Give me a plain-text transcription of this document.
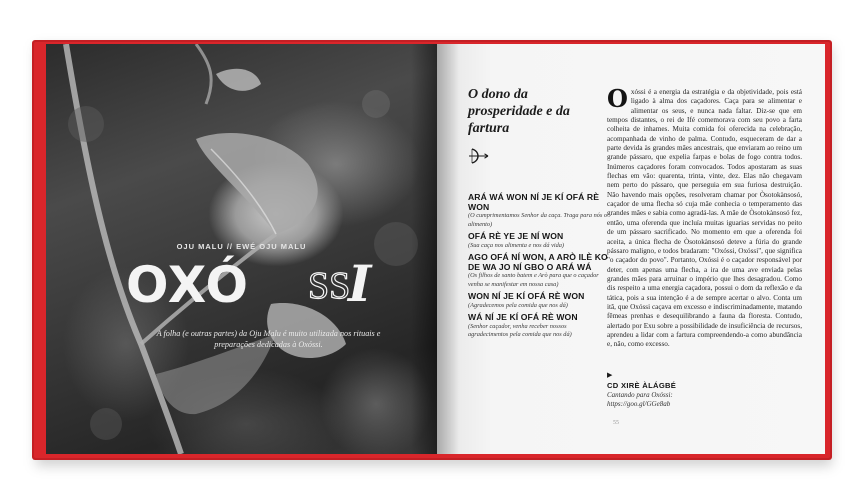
OJU MALU // EWÉ OJU MALU
OXÓ SS
I
A folha (e outras partes) da Oju Malu é muito utilizada nos rituais e preparações dedicadas à Oxóssi.
O dono da prosperidade e da fartura
ARÁ WÁ WON NÍ JE KÍ OFÁ RÈ WON
(O cumprimentamos Senhor da caça. Traga para nós o alimento)
OFÁ RÈ YE JE NÍ WON
(Sua caça nos alimenta e nos dá vida)
AGO OFÁ NÍ WON, A ARÒ ILÈ KO DE WA JO NÍ GBO O ARÁ WÁ
(Os filhos de santo batem e Arò para que o caçador venha se manifestar em nossa casa)
WON NÍ JE KÍ OFÁ RÈ WON
(Agradecemos pela comida que nos dá)
WÁ NÍ JE KÍ OFÁ RÈ WON
(Senhor caçador, venha receber nossos agradecimentos pela comida que nos dá)
O xóssi é a energia da estratégia e da objetividade, pois está ligado à alma dos caçadores. Caça para se alimentar e alimentar os seus, e nunca nada faltar. Diz-se que em tempos distantes, o rei de Ifé comemorava com seu povo a farta colheita de inhames. Muita comida foi oferecida na celebração, acompanhada de vinho de palma. Contudo, esqueceram de dar a parte devida às grandes mães ancestrais, que enviaram ao reino um grande pássaro, que expelia farpas e bolas de fogo contra todos. Inúmeros caçadores foram convocados. Todos apostaram as suas flechas em vão: quarenta, trinta, vinte, dez. Elas não chegavam nem perto do pássaro, que perseguia em sua furiosa destruição. Não havendo mais opções, resolveram chamar por Òsotokànsosó, caçador de uma flecha só cuja mãe conhecia o temperamento das grandes mães e sabia como agradá-las. A mãe de Òsotokànsosó fez, então, uma oferenda que incluía muitas iguarias servidas no peito de um pássaro sacrificado. No momento em que a oferenda foi aceita, a única flecha de Òsotokànsosó deteve a fúria do grande pássaro maligno, e todos bradaram: "Oxóssi, Oxóssi", que significa "o caçador do povo". Portanto, Oxóssi é o caçador responsável por deter, com apenas uma flecha, a ira de uma ave enviada pelas grandes mães para arruinar o império que lhes desagradou. Como dis respeito a uma energia caçadora, possui o dom da reflexão e da tática, pois a sua intenção é a de sempre acertar o alvo. Conta um itã, que Oxóssi caçava em excesso e indiscriminadamente, matando fêmeas prenhas e desequilibrando a fauna da floresta. Contudo, alertado por Exu sobre a possibilidade de insuficiência de recursos, aprendeu a lidar com a fartura compreendendo-a como abundância e, não, como excesso.
▶
CD XIRÈ ÀLÁGBÉ
Cantando para Oxóssi:
https://goo.gl/GGe8ab
55
